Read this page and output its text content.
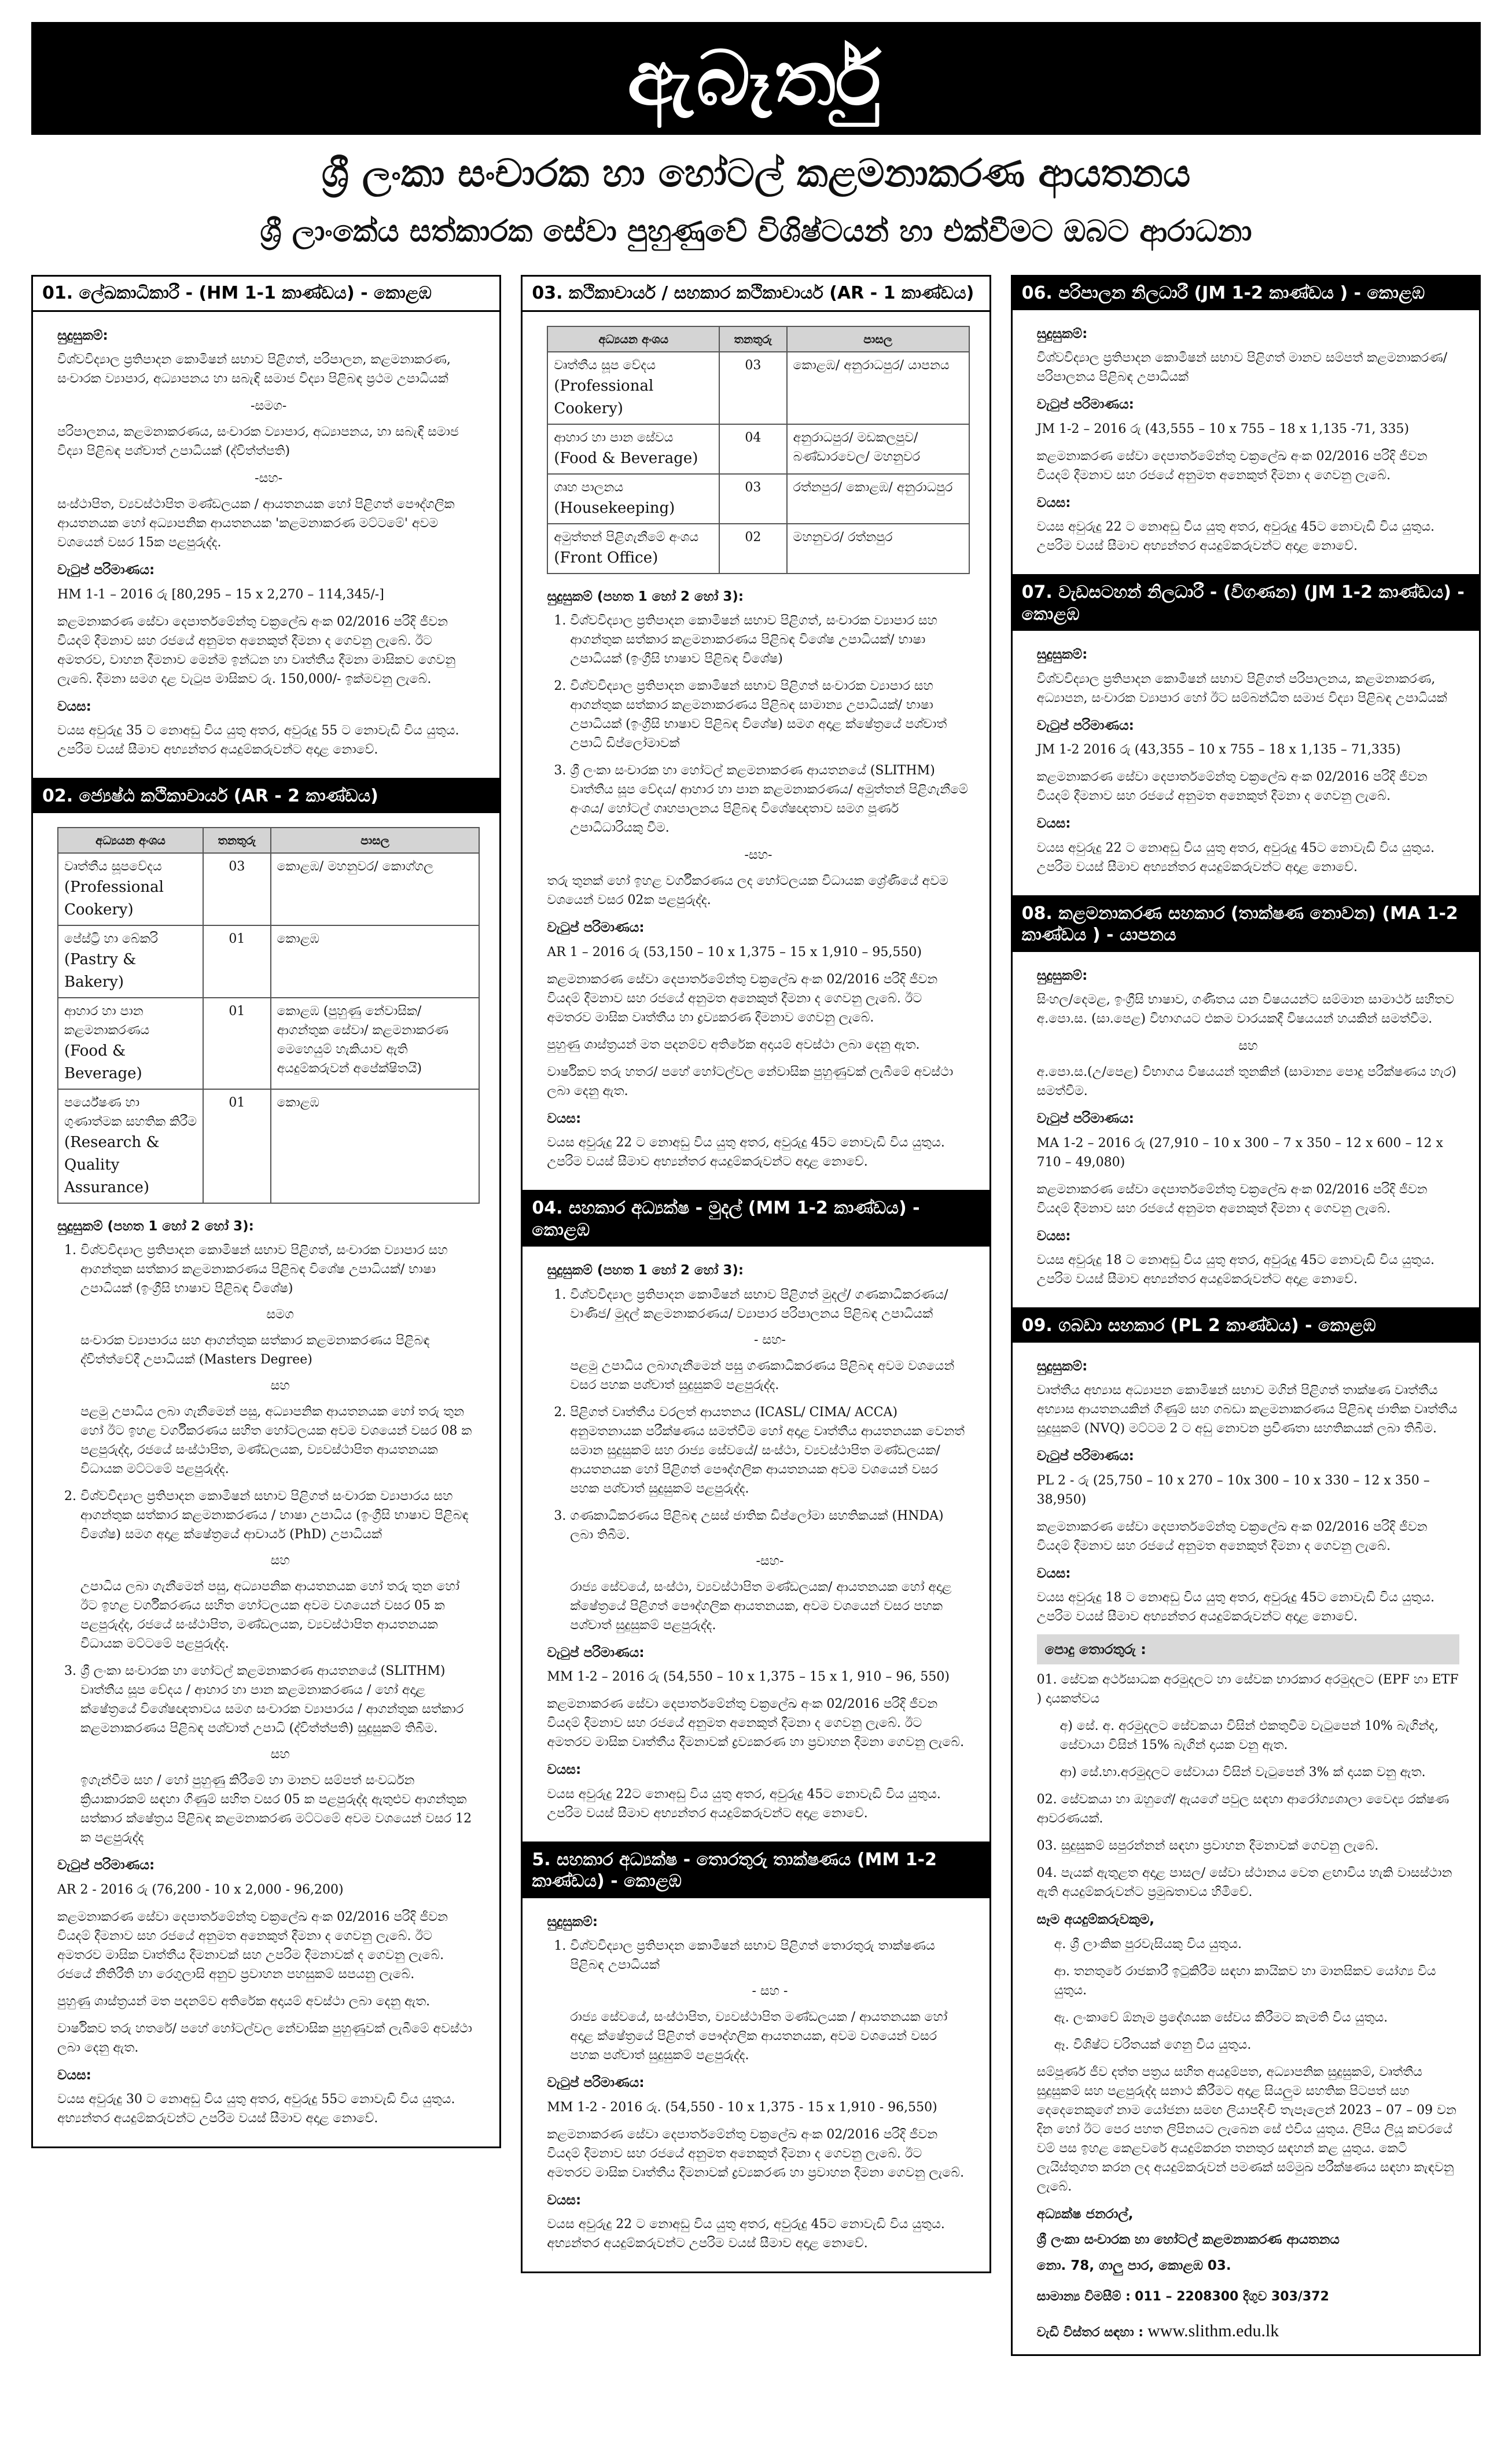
ඇබෑර්තු
ශ්‍රී ලංකා සංචාරක හා හෝටල් කළමනාකරණ ආයතනය
ශ්‍රී ලාංකේය සත්කාරක සේවා පුහුණුවේ විශිෂ්ටයන් හා එක්වීමට ඔබට ආරාධනා
01. ලේඛකාධිකාරී - (HM 1-1 කාණ්ඩය) - කොළඹ
සුදුසුකම්:
විශ්වවිද්‍යාල ප්‍රතිපාදන කොමිෂන් සභාව පිළිගත්, පරිපාලන, කළමනාකරණ, සංචාරක ව්‍යාපාර, අධ්‍යාපනය හා සබැඳි සමාජ විද්‍යා පිළිබඳ ප්‍රථම උපාධියක්
-සමග-
පරිපාලනය, කළමනාකරණය, සංචාරක ව්‍යාපාර, අධ්‍යාපනය, හා සබැඳි සමාජ විද්‍යා පිළිබඳ පශ්චාත් උපාධියක් (ද්විත්ත්පති)
-සහ-
සංස්ථාපිත, ව්‍යවස්ථාපිත මණ්ඩලයක / ආයතනයක හෝ පිළිගත් පෞද්ගලික ආයතනයක හෝ අධ්‍යාපනික ආයතනයක 'කළමනාකරණ මට්ටමේ' අවම වශයෙන් වසර 15ක පළපුරුද්ද.
වැටුප් පරිමාණය:
HM 1-1 – 2016 රු [80,295 – 15 x 2,270 – 114,345/-]
කළමනාකරණ සේවා දෙපාර්තමේන්තු චක්‍රලේඛ අංක 02/2016 පරිදි ජීවන වියදම් දීමනාව සහ රජයේ අනුමත අනෙකුත් දීමනා ද ගෙවනු ලැබේ. ඊට අමතරව, වාහන දීමනාව මෙන්ම ඉන්ධන හා වෘත්තීය දීමනා මාසිකව ගෙවනු ලැබේ. දීමනා සමග දළ වැටුප මාසිකව රු. 150,000/- ඉක්මවනු ලැබේ.
වයස:
වයස අවුරුදු 35 ට නොඅඩු විය යුතු අතර, අවුරුදු 55 ට නොවැඩි විය යුතුය. උපරිම වයස් සීමාව අභ්‍යන්තර අයදුම්කරුවන්ට අදාළ නොවේ.
02. ජ්‍යෙෂ්ඨ කථිකාචාර්ය (AR - 2 කාණ්ඩය)
අධ්‍යයන අංශය	තනතුරු	පාසල
වෘත්තීය සූපවේදය
(Professional Cookery)	03	කොළඹ/ මහනුවර/ කොග්ගල
පේස්ට්‍රි හා බේකරි
(Pastry & Bakery)	01	කොළඹ
ආහාර හා පාන කළමනාකරණය
(Food & Beverage)	01	කොළඹ (පුහුණු නේවාසික/ ආගන්තුක සේවා/ කළමනාකරණ මෙහෙයුම් හැකියාව ඇති අයදුම්කරුවන් අපේක්ෂිතයි)
පර්යේෂණ හා ගුණාත්මක සහතික කිරීම
(Research & Quality Assurance)	01	කොළඹ
සුදුසුකම් (පහත 1 හෝ 2 හෝ 3):
1. විශ්වවිද්‍යාල ප්‍රතිපාදන කොමිෂන් සභාව පිළිගත්, සංචාරක ව්‍යාපාර සහ ආගන්තුක සත්කාර කළමනාකරණය පිළිබඳ විශේෂ උපාධියක්/ භාෂා උපාධියක් (ඉංග්‍රීසි භාෂාව පිළිබඳ විශේෂ)
සමග
සංචාරක ව්‍යාපාරය සහ ආගන්තුක සත්කාර කළමනාකරණය පිළිබඳ ද්විත්ත්වේදී උපාධියක් (Masters Degree)
සහ
පළමු උපාධිය ලබා ගැනීමෙන් පසු, අධ්‍යාපනික ආයතනයක හෝ තරු තුන හෝ ඊට ඉහළ වර්ගීකරණය සහිත හෝටලයක අවම වශයෙන් වසර 08 ක පළපුරුද්ද, රජයේ සංස්ථාපිත, මණ්ඩලයක, ව්‍යවස්ථාපිත ආයතනයක විධායක මට්ටමේ පළපුරුද්ද.
2. විශ්වවිද්‍යාල ප්‍රතිපාදන කොමිෂන් සභාව පිළිගත් සංචාරක ව්‍යාපාරය සහ ආගන්තුක සත්කාර කළමනාකරණය / භාෂා උපාධිය (ඉංග්‍රීසි භාෂාව පිළිබඳ විශේෂ) සමග අදාළ ක්ෂේත්‍රයේ ආචාර්ය (PhD) උපාධියක්
සහ
උපාධිය ලබා ගැනීමෙන් පසු, අධ්‍යාපනික ආයතනයක හෝ තරු තුන හෝ ඊට ඉහළ වර්ගීකරණය සහිත හෝටලයක අවම වශයෙන් වසර 05 ක පළපුරුද්ද, රජයේ සංස්ථාපිත, මණ්ඩලයක, ව්‍යවස්ථාපිත ආයතනයක විධායක මට්ටමේ පළපුරුද්ද.
3. ශ්‍රී ලංකා සංචාරක හා හෝටල් කළමනාකරණ ආයතනයේ (SLITHM) වෘත්තීය සූප වේදය / ආහාර හා පාන කළමනාකරණය / හෝ අදාළ ක්ෂේත්‍රයේ විශේෂඥතාවය සමග සංචාරක ව්‍යාපාරය / ආගන්තුක සත්කාර කළමනාකරණය පිළිබඳ පශ්චාත් උපාධි (ද්විත්ත්පති) සුදුසුකම් තිබීම.
සහ
ඉගැන්වීම සහ / හෝ පුහුණු කිරීමේ හා මානව සම්පත් සංවර්ධන ක්‍රියාකාරකම් සඳහා ගිණුම් සහිත වසර 05 ක පළපුරුද්ද ඇතුළුව ආගන්තුක සත්කාර ක්ෂේත්‍රය පිළිබඳ කළමනාකරණ මට්ටමේ අවම වශයෙන් වසර 12 ක පළපුරුද්ද
වැටුප් පරිමාණය:
AR 2 - 2016 රු (76,200 - 10 x 2,000 - 96,200)
කළමනාකරණ සේවා දෙපාර්තමේන්තු චක්‍රලේඛ අංක 02/2016 පරිදි ජීවන වියදම් දීමනාව සහ රජයේ අනුමත අනෙකුත් දීමනා ද ගෙවනු ලැබේ. ඊට අමතරව මාසික වෘත්තීය දීමනාවක් සහ උපරිම දීමනාවක් ද ගෙවනු ලැබේ. රජයේ නීතිරීති හා රෙගුලාසි අනුව ප්‍රවාහන පහසුකම් සපයනු ලැබේ.
පුහුණු ශාස්ත්‍රයන් මත පදනම්ව අතිරේක අදායම් අවස්ථා ලබා දෙනු ඇත.
වාර්ෂිකව තරු හතරේ/ පහේ හෝටල්වල නේවාසික පුහුණුවක් ලැබීමේ අවස්ථා ලබා දෙනු ඇත.
වයස:
වයස අවුරුදු 30 ට නොඅඩු විය යුතු අතර, අවුරුදු 55ට නොවැඩි විය යුතුය. අභ්‍යන්තර අයදුම්කරුවන්ට උපරිම වයස් සීමාව අදාළ නොවේ.
03. කථිකාචාර්ය / සහකාර කථිකාචාර්ය (AR - 1 කාණ්ඩය)
අධ්‍යයන අංශය	තනතුරු	පාසල
වෘත්තීය සූප වේදය
(Professional Cookery)	03	කොළඹ/ අනුරාධපුර/ යාපනය
ආහාර හා පාන සේවය
(Food & Beverage)	04	අනුරාධපුර/ මඩකලපුව/ බණ්ඩාරවෙල/ මහනුවර
ගෘහ පාලනය (Housekeeping)	03	රත්නපුර/ කොළඹ/ අනුරාධපුර
අමුත්තන් පිළිගැනීමේ අංශය
(Front Office)	02	මහනුවර/ රත්නපුර
සුදුසුකම් (පහත 1 හෝ 2 හෝ 3):
1. විශ්වවිද්‍යාල ප්‍රතිපාදන කොමිෂන් සභාව පිළිගත්, සංචාරක ව්‍යාපාර සහ ආගන්තුක සත්කාර කළමනාකරණය පිළිබඳ විශේෂ උපාධියක්/ භාෂා උපාධියක් (ඉංග්‍රීසි භාෂාව පිළිබඳ විශේෂ)
2. විශ්වවිද්‍යාල ප්‍රතිපාදන කොමිෂන් සභාව පිළිගත් සංචාරක ව්‍යාපාර සහ ආගන්තුක සත්කාර කළමනාකරණය පිළිබඳ සාමාන්‍ය උපාධියක්/ භාෂා උපාධියක් (ඉංග්‍රීසි භාෂාව පිළිබඳ විශේෂ) සමග අදාළ ක්ෂේත්‍රයේ පශ්චාත් උපාධි ඩිප්ලෝමාවක්
3. ශ්‍රී ලංකා සංචාරක හා හෝටල් කළමනාකරණ ආයතනයේ (SLITHM) වෘත්තීය සූප වේදය/ ආහාර හා පාන කළමනාකරණය/ අමුත්තන් පිළිගැනීමේ අංශය/ හෝටල් ගෘහපාලනය පිළිබඳ විශේෂඥතාව සමග පූර්ණ උපාධිධාරියකු වීම.
-සහ-
තරු තුනක් හෝ ඉහළ වර්ගීකරණය ලද හෝටලයක විධායක ශ්‍රේණියේ අවම වශයෙන් වසර 02ක පළපුරුද්ද.
වැටුප් පරිමාණය:
AR 1 – 2016 රු (53,150 – 10 x 1,375 – 15 x 1,910 – 95,550)
කළමනාකරණ සේවා දෙපාර්තමේන්තු චක්‍රලේඛ අංක 02/2016 පරිදි ජීවන වියදම් දීමනාව සහ රජයේ අනුමත අනෙකුත් දීමනා ද ගෙවනු ලැබේ. ඊට අමතරව මාසික වෘත්තීය හා ද්‍රව්‍යකරණ දීමනාව ගෙවනු ලැබේ.
පුහුණු ශාස්ත්‍රයන් මත පදනම්ව අතිරේක අදායම් අවස්ථා ලබා දෙනු ඇත.
වාර්ෂිකව තරු හතර/ පහේ හෝටල්වල නේවාසික පුහුණුවක් ලැබීමේ අවස්ථා ලබා දෙනු ඇත.
වයස:
වයස අවුරුදු 22 ට නොඅඩු විය යුතු අතර, අවුරුදු 45ට නොවැඩි විය යුතුය. උපරිම වයස් සීමාව අභ්‍යන්තර අයදුම්කරුවන්ට අදාළ නොවේ.
04. සහකාර අධ්‍යක්ෂ - මුදල් (MM 1-2 කාණ්ඩය) - කොළඹ
සුදුසුකම් (පහත 1 හෝ 2 හෝ 3):
1. විශ්වවිද්‍යාල ප්‍රතිපාදන කොමිෂන් සභාව පිළිගත් මුදල්/ ගණකාධිකරණය/ වාණිජ/ මුදල් කළමනාකරණය/ ව්‍යාපාර පරිපාලනය පිළිබඳ උපාධියක්
- සහ-
පළමු උපාධිය ලබාගැනීමෙන් පසු ගණකාධිකරණය පිළිබඳ අවම වශයෙන් වසර පහක පශ්චාත් සුදුසුකම් පළපුරුද්ද.
2. පිළිගත් වෘත්තීය වරලත් ආයතනය (ICASL/ CIMA/ ACCA) අනුමතනායක පරීක්ෂණය සමත්වීම හෝ අදාළ වෘත්තීය ආයතනයක වෙනත් සමාන සුදුසුකම් සහ රාජ්‍ය සේවයේ/ සංස්ථා, ව්‍යවස්ථාපිත මණ්ඩලයක/ ආයතනයක හෝ පිළිගත් පෞද්ගලික ආයතනයක අවම වශයෙන් වසර පහක පශ්චාත් සුදුසුකම් පළපුරුද්ද.
3. ගණකාධිකරණය පිළිබඳ උසස් ජාතික ඩිප්ලෝමා සහතිකයක් (HNDA) ලබා තිබීම.
-සහ-
රාජ්‍ය සේවයේ, සංස්ථා, ව්‍යවස්ථාපිත මණ්ඩලයක/ ආයතනයක හෝ අදාළ ක්ෂේත්‍රයේ පිළිගත් පෞද්ගලික ආයතනයක, අවම වශයෙන් වසර පහක පශ්චාත් සුදුසුකම් පළපුරුද්ද.
වැටුප් පරිමාණය:
MM 1-2 – 2016 රු (54,550 – 10 x 1,375 – 15 x 1, 910 – 96, 550)
කළමනාකරණ සේවා දෙපාර්තමේන්තු චක්‍රලේඛ අංක 02/2016 පරිදි ජීවන වියදම් දීමනාව සහ රජයේ අනුමත අනෙකුත් දීමනා ද ගෙවනු ලැබේ. ඊට අමතරව මාසික වෘත්තීය දීමනාවක් ද්‍රව්‍යකරණ හා ප්‍රවාහන දීමනා ගෙවනු ලැබේ.
වයස:
වයස අවුරුදු 22ට නොඅඩු විය යුතු අතර, අවුරුදු 45ට නොවැඩි විය යුතුය. උපරිම වයස් සීමාව අභ්‍යන්තර අයදුම්කරුවන්ට අදාළ නොවේ.
5. සහකාර අධ්‍යක්ෂ - තොරතුරු තාක්ෂණය (MM 1-2 කාණ්ඩය) - කොළඹ
සුදුසුකම්:
1. විශ්වවිද්‍යාල ප්‍රතිපාදන කොමිෂන් සභාව පිළිගත් තොරතුරු තාක්ෂණය පිළිබඳ උපාධියක්
- සහ -
රාජ්‍ය සේවයේ, සංස්ථාපිත, ව්‍යවස්ථාපිත මණ්ඩලයක / ආයතනයක හෝ අදාළ ක්ෂේත්‍රයේ පිළිගත් පෞද්ගලික ආයතනයක, අවම වශයෙන් වසර පහක පශ්චාත් සුදුසුකම් පළපුරුද්ද.
වැටුප් පරිමාණය:
MM 1-2 - 2016 රු. (54,550 - 10 x 1,375 - 15 x 1,910 - 96,550)
කළමනාකරණ සේවා දෙපාර්තමේන්තු චක්‍රලේඛ අංක 02/2016 පරිදි ජීවන වියදම් දීමනාව සහ රජයේ අනුමත අනෙකුත් දීමනා ද ගෙවනු ලැබේ. ඊට අමතරව මාසික වෘත්තීය දීමනාවක් ද්‍රව්‍යකරණ හා ප්‍රවාහන දීමනා ගෙවනු ලැබේ.
වයස:
වයස අවුරුදු 22 ට නොඅඩු විය යුතු අතර, අවුරුදු 45ට නොවැඩි විය යුතුය. අභ්‍යන්තර අයදුම්කරුවන්ට උපරිම වයස් සීමාව අදාළ නොවේ.
06. පරිපාලන නිලධාරී (JM 1-2 කාණ්ඩය ) - කොළඹ
සුදුසුකම්:
විශ්වවිද්‍යාල ප්‍රතිපාදන කොමිෂන් සභාව පිළිගත් මානව සම්පත් කළමනාකරණ/ පරිපාලනය පිළිබඳ උපාධියක්
වැටුප් පරිමාණය:
JM 1-2 – 2016 රු (43,555 – 10 x 755 – 18 x 1,135 -71, 335)
කළමනාකරණ සේවා දෙපාර්තමේන්තු චක්‍රලේඛ අංක 02/2016 පරිදි ජීවන වියදම් දීමනාව සහ රජයේ අනුමත අනෙකුත් දීමනා ද ගෙවනු ලැබේ.
වයස:
වයස අවුරුදු 22 ට නොඅඩු විය යුතු අතර, අවුරුදු 45ට නොවැඩි විය යුතුය. උපරිම වයස් සීමාව අභ්‍යන්තර අයදුම්කරුවන්ට අදාළ නොවේ.
07. වැඩසටහන් නිලධාරී - (විගණන) (JM 1-2 කාණ්ඩය) - කොළඹ
සුදුසුකම්:
විශ්වවිද්‍යාල ප්‍රතිපාදන කොමිෂන් සභාව පිළිගත් පරිපාලනය, කළමනාකරණ, අධ්‍යාපන, සංචාරක ව්‍යාපාර හෝ ඊට සම්බන්ධිත සමාජ විද්‍යා පිළිබඳ උපාධියක්
වැටුප් පරිමාණය:
JM 1-2 2016 රු (43,355 – 10 x 755 – 18 x 1,135 – 71,335)
කළමනාකරණ සේවා දෙපාර්තමේන්තු චක්‍රලේඛ අංක 02/2016 පරිදි ජීවන වියදම් දීමනාව සහ රජයේ අනුමත අනෙකුත් දීමනා ද ගෙවනු ලැබේ.
වයස:
වයස අවුරුදු 22 ට නොඅඩු විය යුතු අතර, අවුරුදු 45ට නොවැඩි විය යුතුය. උපරිම වයස් සීමාව අභ්‍යන්තර අයදුම්කරුවන්ට අදාළ නොවේ.
08. කළමනාකරණ සහකාර (තාක්ෂණ නොවන) (MA 1-2 කාණ්ඩය ) - යාපනය
සුදුසුකම්:
සිංහල/දෙමළ, ඉංග්‍රීසි භාෂාව, ගණිතය යන විෂයයන්ට සම්මාන සාමාර්ථ සහිතව අ.පො.ස. (සා.පෙළ) විභාගයට එකම වාරයකදී විෂයයන් හයකින් සමත්වීම.
සහ
අ.පො.ස.(උ/පෙළ) විභාගය විෂයයන් තුනකින් (සාමාන්‍ය පොදු පරීක්ෂණය හැර) සමත්වීම.
වැටුප් පරිමාණය:
MA 1-2 – 2016 රු (27,910 – 10 x 300 – 7 x 350 – 12 x 600 – 12 x 710 – 49,080)
කළමනාකරණ සේවා දෙපාර්තමේන්තු චක්‍රලේඛ අංක 02/2016 පරිදි ජීවන වියදම් දීමනාව සහ රජයේ අනුමත අනෙකුත් දීමනා ද ගෙවනු ලැබේ.
වයස:
වයස අවුරුදු 18 ට නොඅඩු විය යුතු අතර, අවුරුදු 45ට නොවැඩි විය යුතුය. උපරිම වයස් සීමාව අභ්‍යන්තර අයදුම්කරුවන්ට අදාළ නොවේ.
09. ගබඩා සහකාර (PL 2 කාණ්ඩය) - කොළඹ
සුදුසුකම්:
වෘත්තීය අභ්‍යාස අධ්‍යාපන කොමිෂන් සභාව මගින් පිළිගත් තාක්ෂණ වෘත්තීය අභ්‍යාස ආයතනයකින් ගිණුම් සහ ගබඩා කළමනාකරණය පිළිබඳ ජාතික වෘත්තීය සුදුසුකම් (NVQ) මට්ටම 2 ට අඩු නොවන ප්‍රවීණතා සහතිකයක් ලබා තිබීම.
වැටුප් පරිමාණය:
PL 2 - රු (25,750 – 10 x 270 – 10x 300 – 10 x 330 – 12 x 350 – 38,950)
කළමනාකරණ සේවා දෙපාර්තමේන්තු චක්‍රලේඛ අංක 02/2016 පරිදි ජීවන වියදම් දීමනාව සහ රජයේ අනුමත අනෙකුත් දීමනා ද ගෙවනු ලැබේ.
වයස:
වයස අවුරුදු 18 ට නොඅඩු විය යුතු අතර, අවුරුදු 45ට නොවැඩි විය යුතුය. උපරිම වයස් සීමාව අභ්‍යන්තර අයදුම්කරුවන්ට අදාළ නොවේ.
පොදු තොරතුරු :
01. සේවක අර්ථසාධක අරමුදලට හා සේවක භාරකාර අරමුදලට (EPF හා ETF ) දායකත්වය
අ) සේ. අ. අරමුදලට සේවකයා විසින් එකතුවීම වැටුපෙන් 10% බැගින්ද, සේවායා විසින් 15% බැගින් දායක වනු ඇත.
ආ) සේ.භා.අරමුදලට සේවායා විසින් වැටුපෙන් 3% ක් දායක වනු ඇත.
02. සේවකයා හා ඔහුගේ/ ඇයගේ පවුල සඳහා ආරෝග්‍යශාලා වෛද්‍ය රක්ෂණ ආවරණයක්.
03. සුදුසුකම් සපුරන්නන් සඳහා ප්‍රවාහන දීමනාවක් ගෙවනු ලැබේ.
04. පැයක් ඇතුළත අදාළ පාසල/ සේවා ස්ථානය වෙත ළඟාවිය හැකි වාසස්ථාන ඇති අයදුම්කරුවන්ට ප්‍රමුඛතාවය හිමිවේ.
සෑම අයදුම්කරුවකුම,
අ. ශ්‍රී ලාංකික පුරවැසියකු විය යුතුය.
ආ. තනතුරේ රාජකාරී ඉටුකිරීම සඳහා කායිකව හා මානසිකව යෝග්‍ය විය යුතුය.
ඇ. ලංකාවේ ඕනෑම ප්‍රදේශයක සේවය කිරීමට කැමති විය යුතුය.
ඈ. විශිෂ්ට චරිතයක් ගෙනු විය යුතුය.
සම්පූර්ණ ජීව දත්ත පත්‍රය සහිත අයදුම්පත, අධ්‍යාපනික සුදුසුකම්, වෘත්තීය සුදුසුකම් සහ පළපුරුද්ද සනාථ කිරීමට අදාළ සියලුම සහතික පිටපත් සහ දෙදෙනෙකුගේ නාම යෝජනා සමඟ ලියාපදිංචි තැපෑලෙන් 2023 – 07 – 09 වන දින හෝ ඊට පෙර පහත ලිපිනයට ලැබෙන සේ එවිය යුතුය. ලිපිය ලියූ කවරයේ වම් පස ඉහළ කෙළවරේ අයදුම්කරන තනතුර සඳහන් කළ යුතුය. කෙටි ලැයිස්තුගත කරන ලද අයදුම්කරුවන් පමණක් සම්මුඛ පරීක්ෂණය සඳහා කැඳවනු ලැබේ.
අධ්‍යක්ෂ ජනරාල්,
ශ්‍රී ලංකා සංචාරක හා හෝටල් කළමනාකරණ ආයතනය
නො. 78, ගාලු පාර, කොළඹ 03.
සාමාන්‍ය විමසීම් : 011 – 2208300 දිගුව 303/372
වැඩි විස්තර සඳහා : www.slithm.edu.lk
